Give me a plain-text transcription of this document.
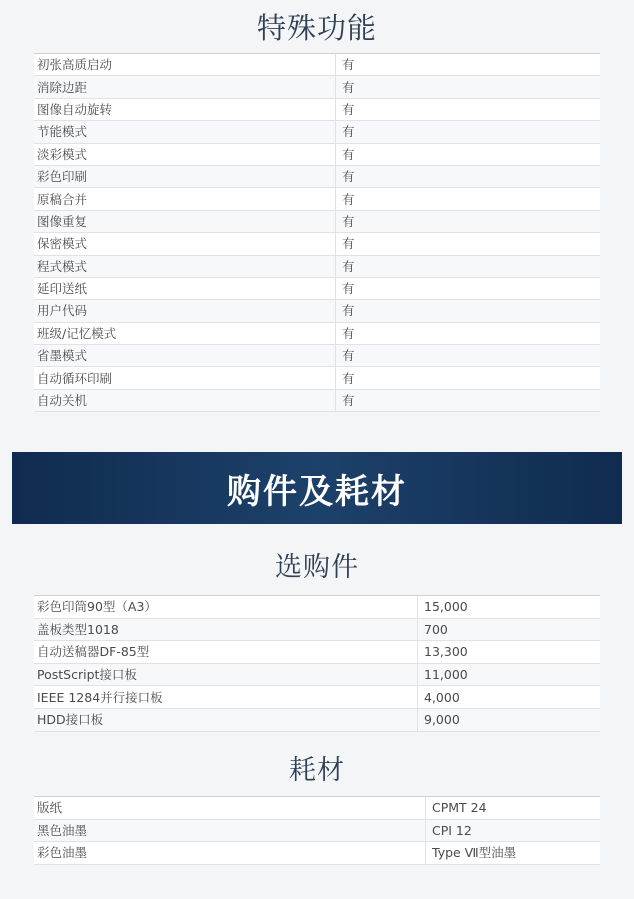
特殊功能
初张高质启动	有
消除边距	有
图像自动旋转	有
节能模式	有
淡彩模式	有
彩色印刷	有
原稿合并	有
图像重复	有
保密模式	有
程式模式	有
延印送纸	有
用户代码	有
班级/记忆模式	有
省墨模式	有
自动循环印刷	有
自动关机	有
购件及耗材
选购件
彩色印筒90型（A3）	15,000
盖板类型1018	700
自动送稿器DF-85型	13,300
PostScript接口板	11,000
IEEE 1284并行接口板	4,000
HDD接口板	9,000
耗材
版纸	CPMT 24
黑色油墨	CPI 12
彩色油墨	Type Ⅶ型油墨
